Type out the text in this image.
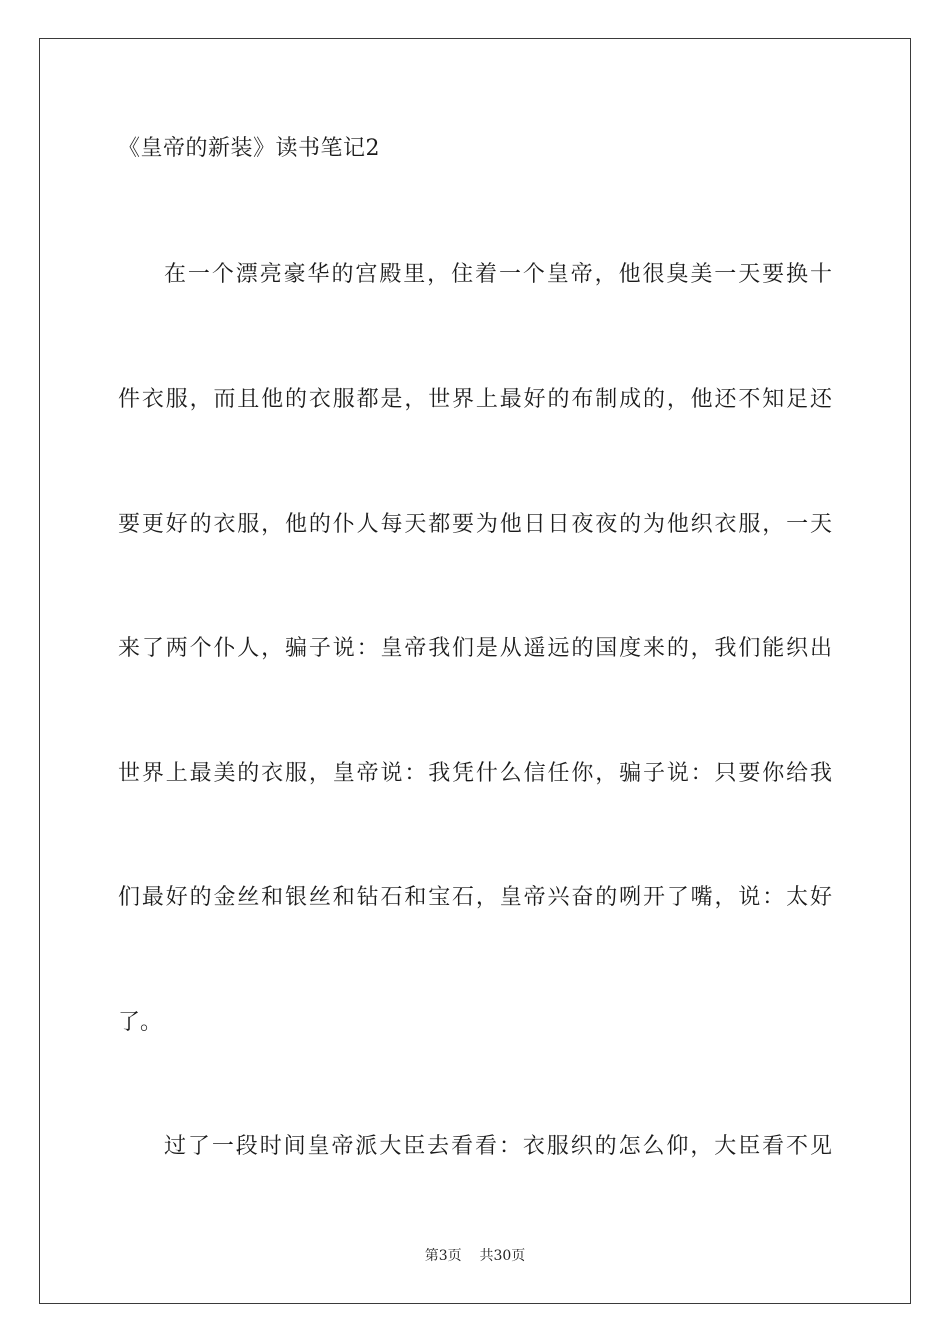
《皇帝的新装》读书笔记2
在一个漂亮豪华的宫殿里，住着一个皇帝，他很臭美一天要换十
件衣服，而且他的衣服都是，世界上最好的布制成的，他还不知足还
要更好的衣服，他的仆人每天都要为他日日夜夜的为他织衣服，一天
来了两个仆人，骗子说：皇帝我们是从遥远的国度来的，我们能织出
世界上最美的衣服，皇帝说：我凭什么信任你，骗子说：只要你给我
们最好的金丝和银丝和钻石和宝石，皇帝兴奋的咧开了嘴，说：太好
了。
过了一段时间皇帝派大臣去看看：衣服织的怎么仰，大臣看不见
第3页    共30页
